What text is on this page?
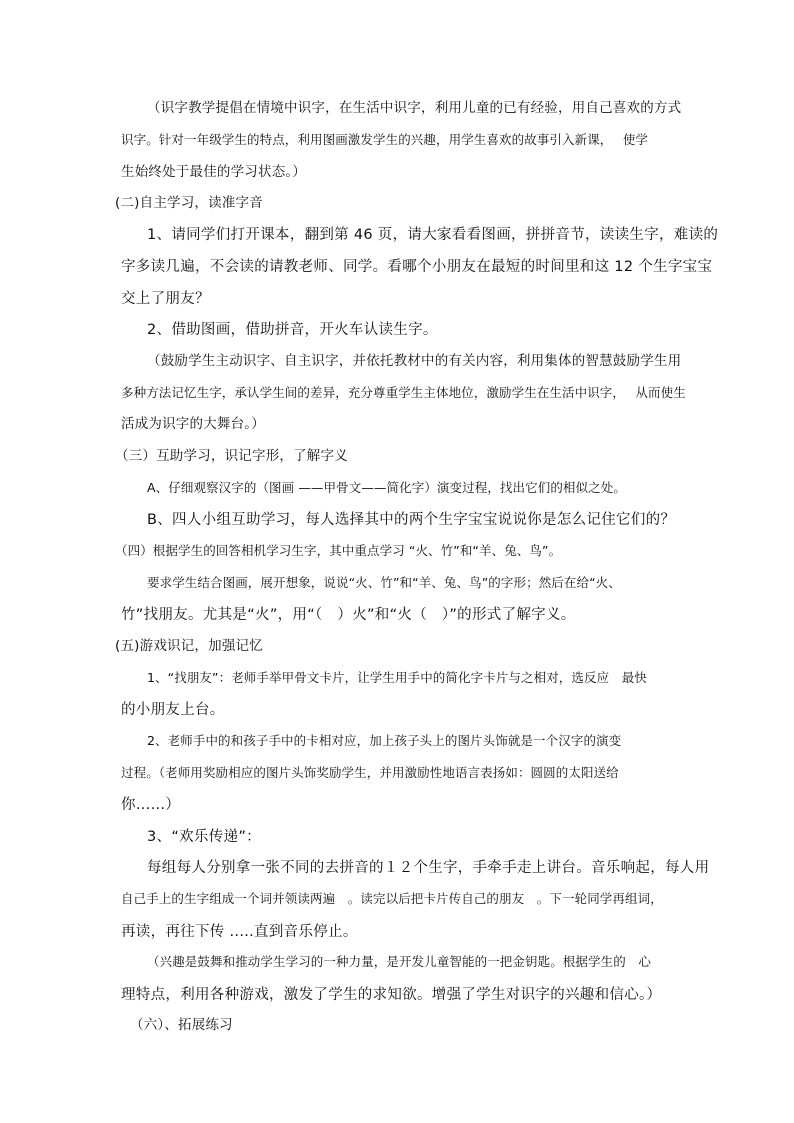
（识字教学提倡在情境中识字，在生活中识字，利用儿童的已有经验，用自己喜欢的方式

识字。针对一年级学生的特点，利用图画激发学生的兴趣，用学生喜欢的故事引入新课，　 使学

生始终处于最佳的学习状态。）

(二)自主学习，读准字音

1、请同学们打开课本，翻到第 46 页，请大家看看图画，拼拼音节，读读生字，难读的

字多读几遍，不会读的请教老师、同学。看哪个小朋友在最短的时间里和这 12 个生字宝宝

交上了朋友？

2、借助图画，借助拼音，开火车认读生字。

（鼓励学生主动识字、自主识字，并依托教材中的有关内容，利用集体的智慧鼓励学生用

多种方法记忆生字，承认学生间的差异，充分尊重学生主体地位，激励学生在生活中识字，　 从而使生

活成为识字的大舞台。）

（三）互助学习，识记字形，了解字义

A、仔细观察汉字的（图画 ——甲骨文——简化字）演变过程，找出它们的相似之处。

B、四人小组互助学习，每人选择其中的两个生字宝宝说说你是怎么记住它们的？

（四）根据学生的回答相机学习生字，其中重点学习 “火、竹”和“羊、兔、鸟”。

要求学生结合图画，展开想象，说说“火、竹”和“羊、兔、鸟”的字形；然后在给“火、

竹”找朋友。尤其是“火”，用“（　）火”和“火（　）”的形式了解字义。

(五)游戏识记，加强记忆

1、“找朋友”：老师手举甲骨文卡片，让学生用手中的简化字卡片与之相对，选反应　最快

的小朋友上台。

2、老师手中的和孩子手中的卡相对应，加上孩子头上的图片头饰就是一个汉字的演变

过程。（老师用奖励相应的图片头饰奖励学生，并用激励性地语言表扬如：圆圆的太阳送给

你……）

3、“欢乐传递”：

每组每人分别拿一张不同的去拼音的１２个生字，手牵手走上讲台。音乐响起，每人用

自己手上的生字组成一个词并领读两遍　。读完以后把卡片传自己的朋友　。下一轮同学再组词，

再读，再往下传 .....直到音乐停止。

（兴趣是鼓舞和推动学生学习的一种力量，是开发儿童智能的一把金钥匙。根据学生的　心

理特点，利用各种游戏，激发了学生的求知欲。增强了学生对识字的兴趣和信心。）

（六）、拓展练习
